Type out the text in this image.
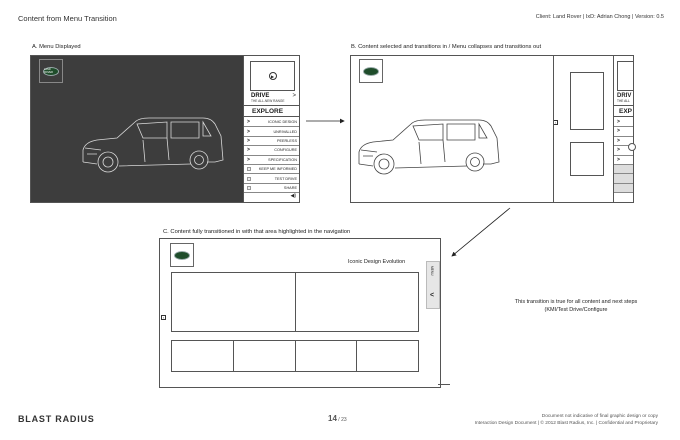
Content from Menu Transition	Client: Land Rover | IxD: Adrian Chong | Version: 0.5
A. Menu Displayed	B. Content selected and transitions in / Menu collapses and transitions out
C. Content fully transitioned in with that area highlighted in the navigation
LAND ROVER
▶
DRIVE	>
THE ALL-NEW RANGE
EXPLORE
>	ICONIC DESIGN
>	UNRIVALLED
>	PEERLESS
>	CONFIGURE
>	SPECIFICATION
KEEP ME INFORMED
TEST DRIVE
SHARE
◀)
›
DRIV
THE ALL
EXP
>
>
>
>
>
Iconic Design Evolution
›
MENU
<
This transition is true for all content and next steps (KMI/Test Drive/Configure
BLAST RADIUS	14 / 23
Document not indicative of final graphic design or copy
Interaction Design Document | © 2012 Blast Radius, Inc. | Confidential and Proprietary
